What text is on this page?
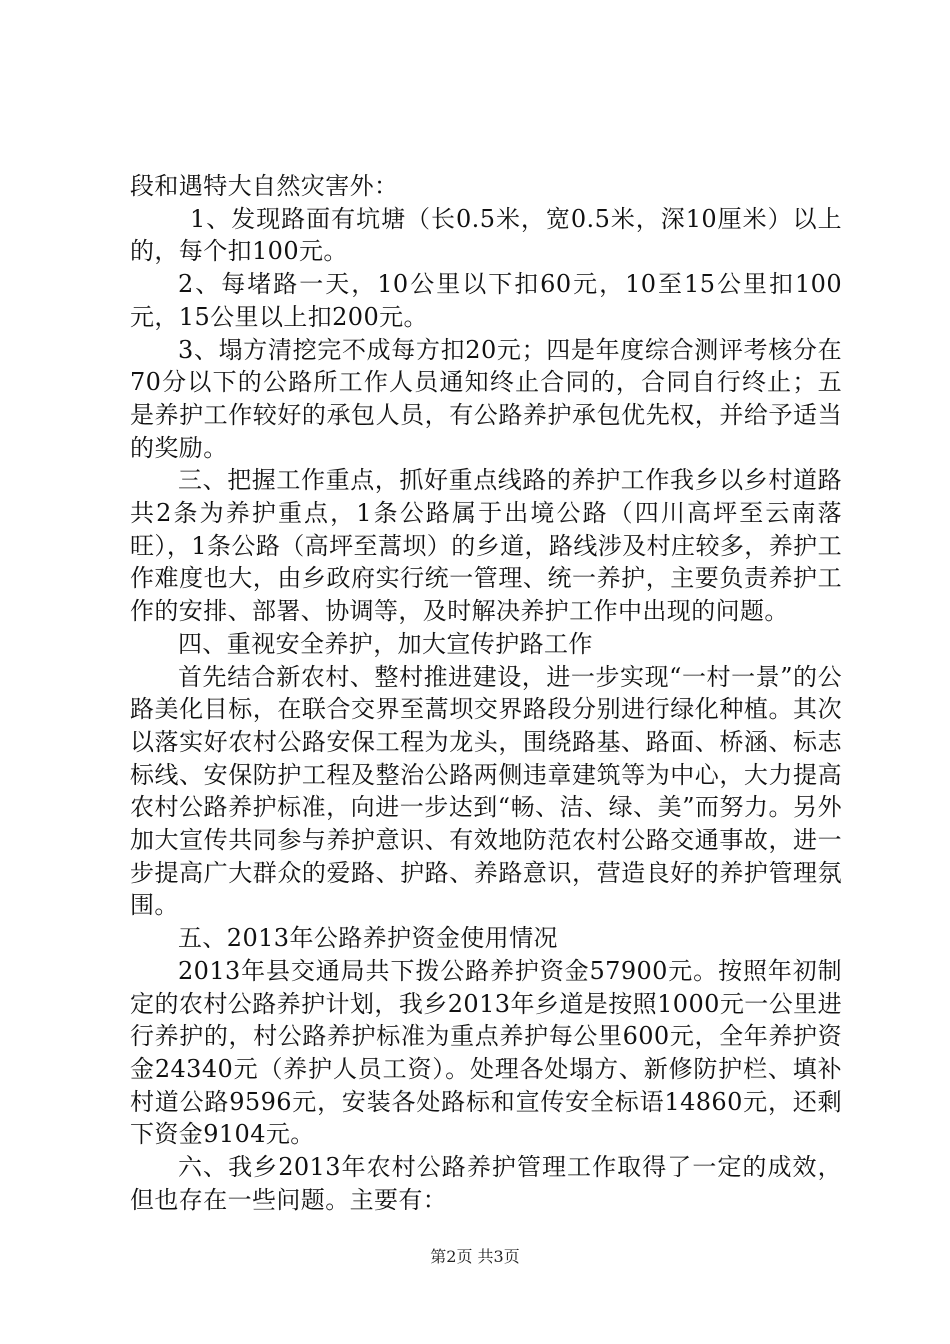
段和遇特大自然灾害外：

1、发现路面有坑塘（长0.5米，宽0.5米，深10厘米）以上的，每个扣100元。

2、每堵路一天，10公里以下扣60元，10至15公里扣100元，15公里以上扣200元。

3、塌方清挖完不成每方扣20元；四是年度综合测评考核分在70分以下的公路所工作人员通知终止合同的，合同自行终止；五是养护工作较好的承包人员，有公路养护承包优先权，并给予适当的奖励。

三、把握工作重点，抓好重点线路的养护工作我乡以乡村道路共2条为养护重点，1条公路属于出境公路（四川高坪至云南落旺），1条公路（高坪至蒿坝）的乡道，路线涉及村庄较多，养护工作难度也大，由乡政府实行统一管理、统一养护，主要负责养护工作的安排、部署、协调等，及时解决养护工作中出现的问题。

四、重视安全养护，加大宣传护路工作

首先结合新农村、整村推进建设，进一步实现“一村一景”的公路美化目标，在联合交界至蒿坝交界路段分别进行绿化种植。其次以落实好农村公路安保工程为龙头，围绕路基、路面、桥涵、标志标线、安保防护工程及整治公路两侧违章建筑等为中心，大力提高农村公路养护标准，向进一步达到“畅、洁、绿、美”而努力。另外加大宣传共同参与养护意识、有效地防范农村公路交通事故，进一步提高广大群众的爱路、护路、养路意识，营造良好的养护管理氛围。

五、2013年公路养护资金使用情况

2013年县交通局共下拨公路养护资金57900元。按照年初制定的农村公路养护计划，我乡2013年乡道是按照1000元一公里进行养护的，村公路养护标准为重点养护每公里600元，全年养护资金24340元（养护人员工资）。处理各处塌方、新修防护栏、填补村道公路9596元，安装各处路标和宣传安全标语14860元，还剩下资金9104元。

六、我乡2013年农村公路养护管理工作取得了一定的成效，但也存在一些问题。主要有：

第2页 共3页
